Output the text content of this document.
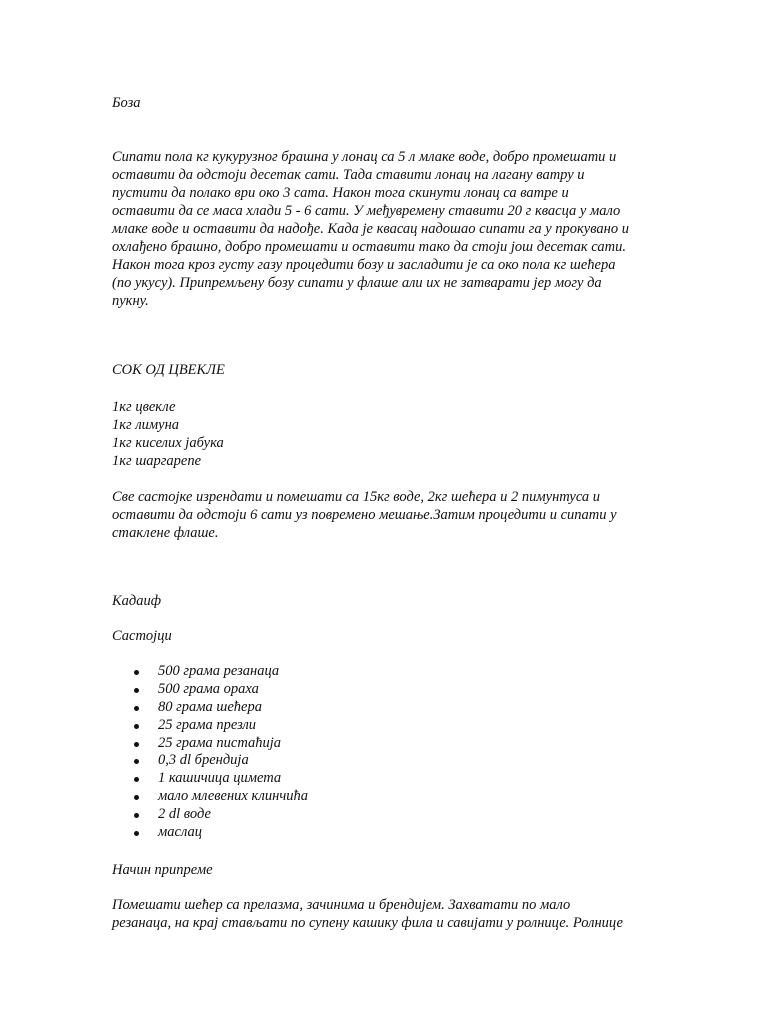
Боза

Сипати пола кг кукурузног брашна у лонац са 5 л млаке воде, добро промешати и
оставити да одстоји десетак сати. Тада ставити лонац на лагану ватру и
пустити да полако ври око 3 сата. Након тога скинути лонац са ватре и
оставити да се маса хлади 5 - 6 сати. У међувремену ставити 20 г квасца у мало
млаке воде и оставити да надође. Када је квасац надошао сипати га у прокувано и
охлађено брашно, добро промешати и оставити тако да стоји још десетак сати.
Након тога кроз густу газу процедити бозу и засладити је са око пола кг шећера
(по укусу). Припремљену бозу сипати у флаше али их не затварати јер могу да
пукну.

СОК ОД ЦВЕКЛЕ

1кг цвекле
1кг лимуна
1кг киселих јабука
1кг шаргарепе

Све састојке изрендати и помешати са 15кг воде, 2кг шећера и 2 пимунтуса и
оставити да одстоји 6 сати уз повремено мешање.Затим процедити и сипати у
стаклене флаше.

Кадаиф

Састојци

500 грама резанаца
500 грама ораха
80 грама шећера
25 грама презли
25 грама пистаћија
0,3 dl брендија
1 кашичица цимета
мало млевених клинчића
2 dl воде
маслац

Начин припреме

Помешати шећер са прелазма, зачинима и брендијем. Захватати по мало
резанаца, на крај стављати по супену кашику фила и савијати у ролнице. Ролнице
